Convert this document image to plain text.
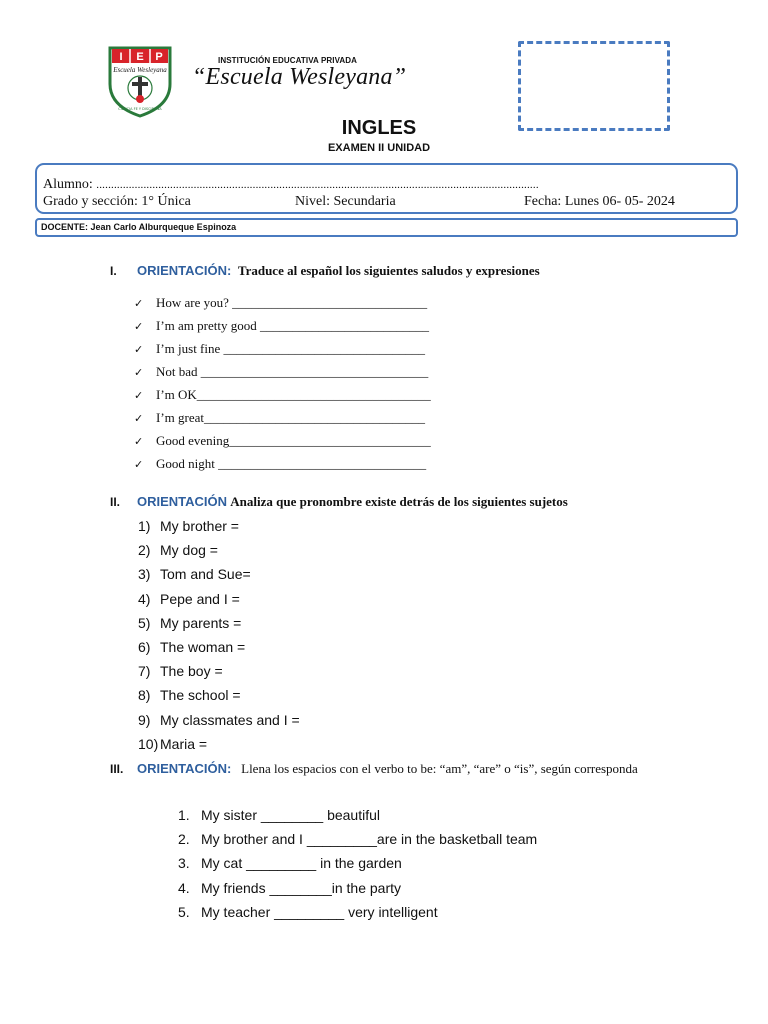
I E P
Escuela Wesleyana
CIENCIA FE Y DISCIPLINA
INSTITUCIÓN EDUCATIVA PRIVADA
“Escuela Wesleyana”
INGLES
EXAMEN II UNIDAD
Alumno: ......................................................................................................................................................
Grado y sección: 1° Única	Nivel: Secundaria	Fecha: Lunes 06- 05- 2024
DOCENTE: Jean Carlo Alburqueque Espinoza
I. ORIENTACIÓN: Traduce al español los siguientes saludos y expresiones
✓ How are you? ______________________________
✓ I’m am pretty good __________________________
✓ I’m just fine _______________________________
✓ Not bad ___________________________________
✓ I’m OK____________________________________
✓ I’m great__________________________________
✓ Good evening_______________________________
✓ Good night ________________________________
II. ORIENTACIÓN Analiza que pronombre existe detrás de los siguientes sujetos
1) My brother =
2) My dog =
3) Tom and Sue=
4) Pepe and I =
5) My parents =
6) The woman =
7) The boy =
8) The school =
9) My classmates and I =
10) Maria =
III. ORIENTACIÓN: Llena los espacios con el verbo to be: “am”, “are” o “is”, según corresponda
1. My sister ________ beautiful
2. My brother and I _________are in the basketball team
3. My cat _________ in the garden
4. My friends ________in the party
5. My teacher _________ very intelligent
